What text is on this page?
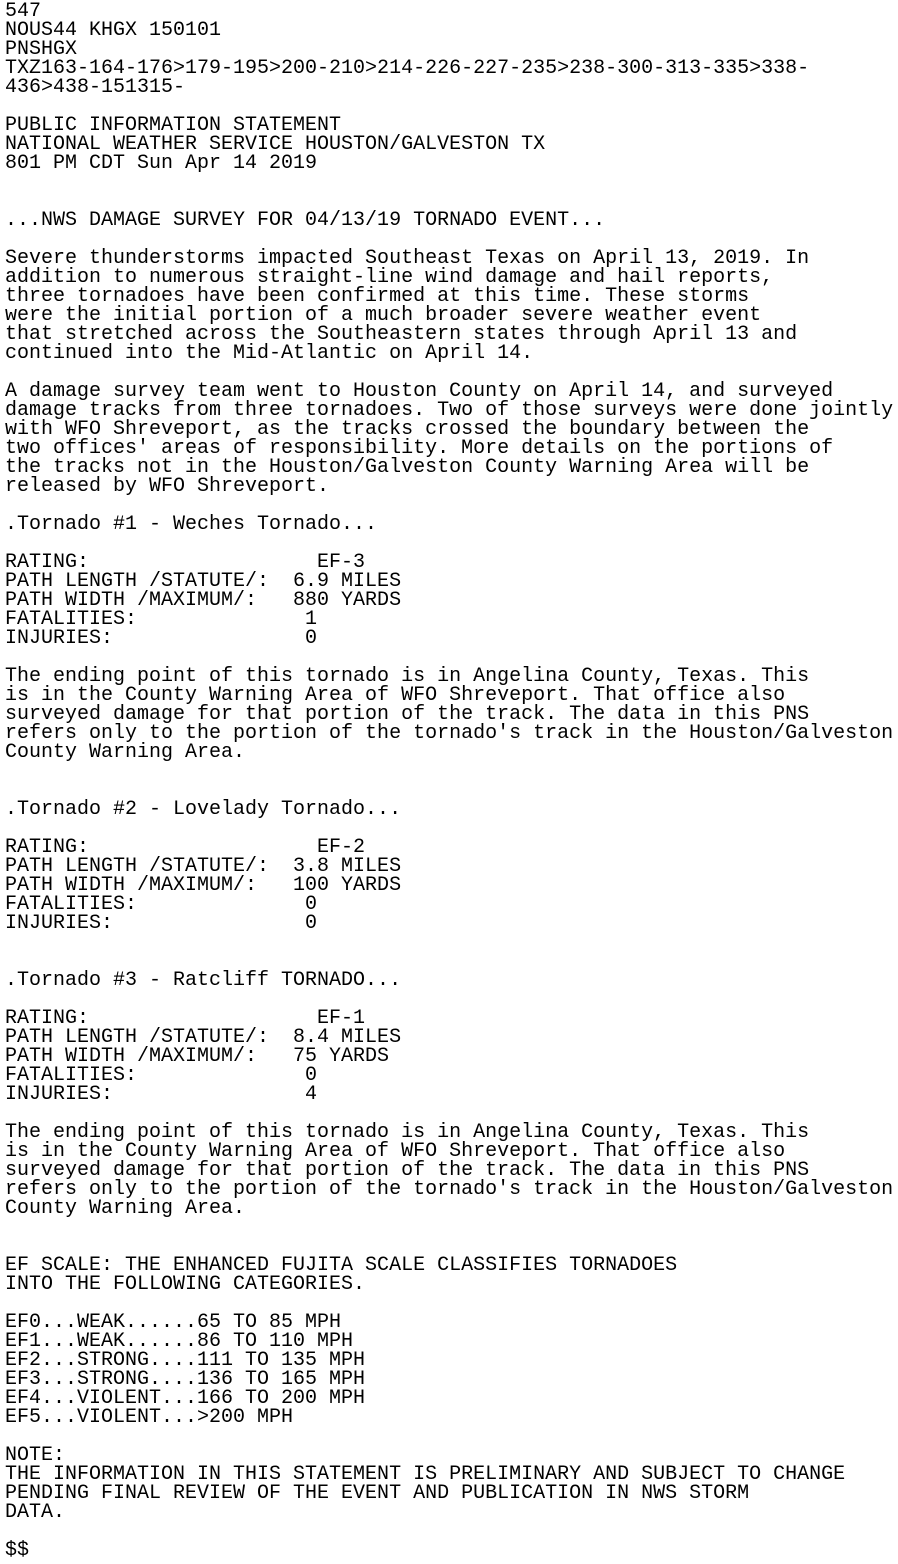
547
NOUS44 KHGX 150101
PNSHGX
TXZ163-164-176>179-195>200-210>214-226-227-235>238-300-313-335>338-
436>438-151315-
PUBLIC INFORMATION STATEMENT
NATIONAL WEATHER SERVICE HOUSTON/GALVESTON TX
801 PM CDT Sun Apr 14 2019
...NWS DAMAGE SURVEY FOR 04/13/19 TORNADO EVENT...
Severe thunderstorms impacted Southeast Texas on April 13, 2019. In
addition to numerous straight-line wind damage and hail reports,
three tornadoes have been confirmed at this time. These storms
were the initial portion of a much broader severe weather event
that stretched across the Southeastern states through April 13 and
continued into the Mid-Atlantic on April 14.
A damage survey team went to Houston County on April 14, and surveyed
damage tracks from three tornadoes. Two of those surveys were done jointly
with WFO Shreveport, as the tracks crossed the boundary between the
two offices' areas of responsibility. More details on the portions of
the tracks not in the Houston/Galveston County Warning Area will be
released by WFO Shreveport.
.Tornado #1 - Weches Tornado...
RATING:                   EF-3
PATH LENGTH /STATUTE/:  6.9 MILES
PATH WIDTH /MAXIMUM/:   880 YARDS
FATALITIES:              1
INJURIES:                0
The ending point of this tornado is in Angelina County, Texas. This
is in the County Warning Area of WFO Shreveport. That office also
surveyed damage for that portion of the track. The data in this PNS
refers only to the portion of the tornado's track in the Houston/Galveston
County Warning Area.
.Tornado #2 - Lovelady Tornado...
RATING:                   EF-2
PATH LENGTH /STATUTE/:  3.8 MILES
PATH WIDTH /MAXIMUM/:   100 YARDS
FATALITIES:              0
INJURIES:                0
.Tornado #3 - Ratcliff TORNADO...
RATING:                   EF-1
PATH LENGTH /STATUTE/:  8.4 MILES
PATH WIDTH /MAXIMUM/:   75 YARDS
FATALITIES:              0
INJURIES:                4
The ending point of this tornado is in Angelina County, Texas. This
is in the County Warning Area of WFO Shreveport. That office also
surveyed damage for that portion of the track. The data in this PNS
refers only to the portion of the tornado's track in the Houston/Galveston
County Warning Area.
EF SCALE: THE ENHANCED FUJITA SCALE CLASSIFIES TORNADOES
INTO THE FOLLOWING CATEGORIES.
EF0...WEAK......65 TO 85 MPH
EF1...WEAK......86 TO 110 MPH
EF2...STRONG....111 TO 135 MPH
EF3...STRONG....136 TO 165 MPH
EF4...VIOLENT...166 TO 200 MPH
EF5...VIOLENT...>200 MPH
NOTE:
THE INFORMATION IN THIS STATEMENT IS PRELIMINARY AND SUBJECT TO CHANGE
PENDING FINAL REVIEW OF THE EVENT AND PUBLICATION IN NWS STORM
DATA.
$$
